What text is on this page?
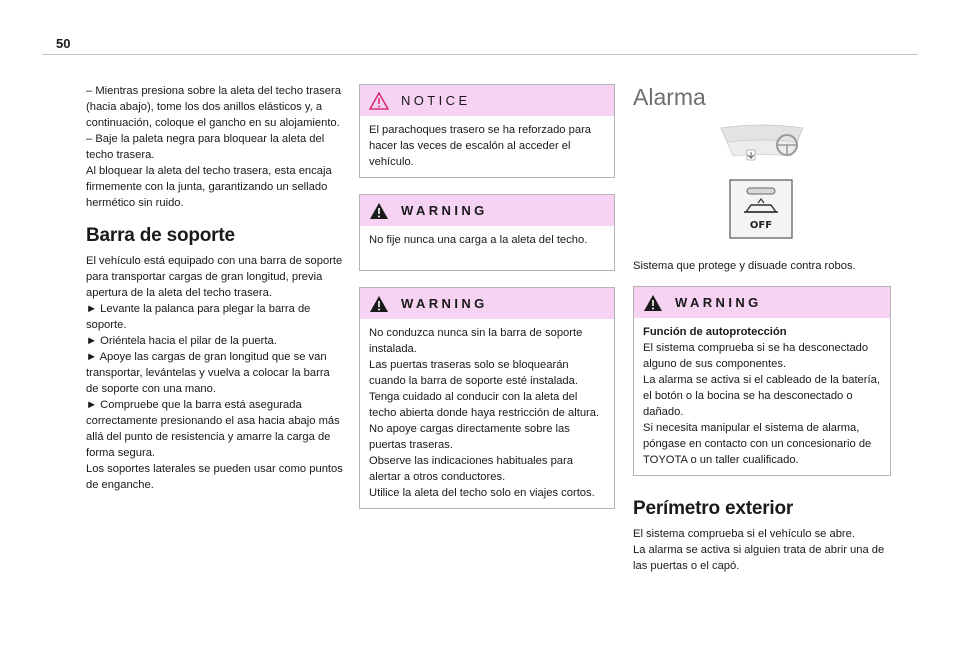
50

– Mientras presiona sobre la aleta del techo trasera (hacia abajo), tome los dos anillos elásticos y, a continuación, coloque el gancho en su alojamiento.
– Baje la paleta negra para bloquear la aleta del techo trasera.
Al bloquear la aleta del techo trasera, esta encaja firmemente con la junta, garantizando un sellado hermético sin ruido.

Barra de soporte

El vehículo está equipado con una barra de soporte para transportar cargas de gran longitud, previa apertura de la aleta del techo trasera.
► Levante la palanca para plegar la barra de soporte.
► Oriéntela hacia el pilar de la puerta.
► Apoye las cargas de gran longitud que se van transportar, levántelas y vuelva a colocar la barra de soporte con una mano.
► Compruebe que la barra está asegurada correctamente presionando el asa hacia abajo más allá del punto de resistencia y amarre la carga de forma segura.
Los soportes laterales se pueden usar como puntos de enganche.

NOTICE
El parachoques trasero se ha reforzado para hacer las veces de escalón al acceder el vehículo.
WARNING
No fije nunca una carga a la aleta del techo.
WARNING
No conduzca nunca sin la barra de soporte instalada.
Las puertas traseras solo se bloquearán cuando la barra de soporte esté instalada.
Tenga cuidado al conducir con la aleta del techo abierta donde haya restricción de altura.
No apoye cargas directamente sobre las puertas traseras.
Observe las indicaciones habituales para alertar a otros conductores.
Utilice la aleta del techo solo en viajes cortos.
Alarma

OFF

Sistema que protege y disuade contra robos.

WARNING
Función de autoprotección
El sistema comprueba si se ha desconectado alguno de sus componentes.
La alarma se activa si el cableado de la batería, el botón o la bocina se ha desconectado o dañado.
Si necesita manipular el sistema de alarma, póngase en contacto con un concesionario de TOYOTA o un taller cualificado.
Perímetro exterior

El sistema comprueba si el vehículo se abre.
La alarma se activa si alguien trata de abrir una de las puertas o el capó.
